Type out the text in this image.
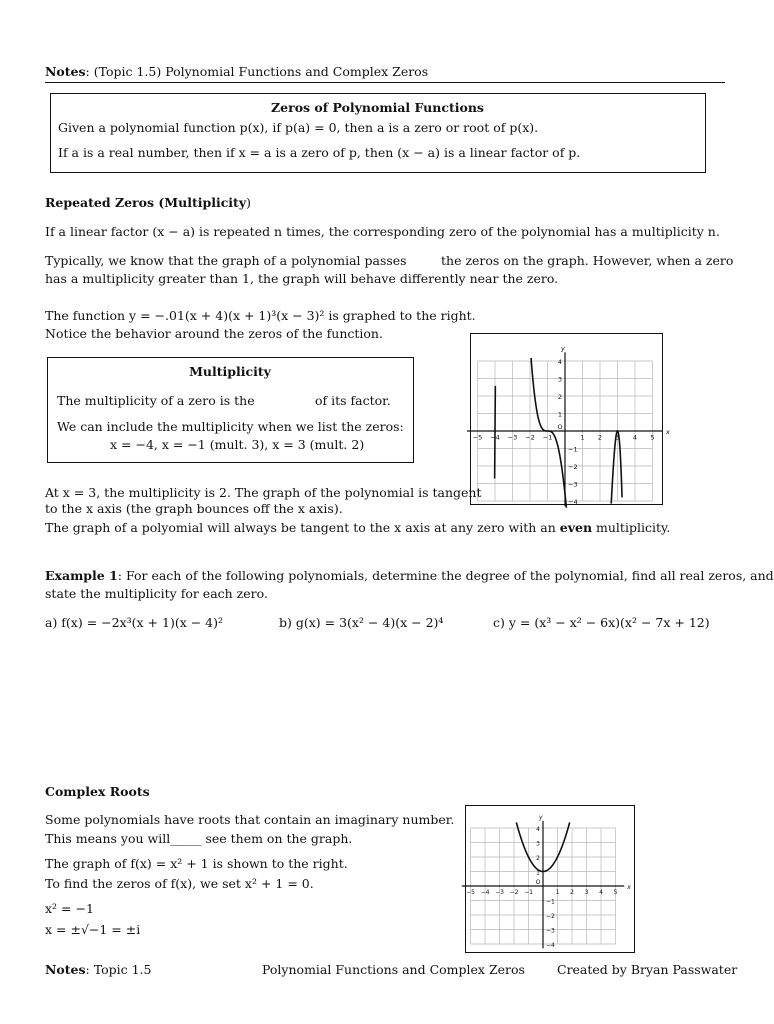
Notes: (Topic 1.5) Polynomial Functions and Complex Zeros
Zeros of Polynomial Functions
Given a polynomial function p(x), if p(a) = 0, then a is a zero or root of p(x).
If a is a real number, then if x = a is a zero of p, then (x − a) is a linear factor of p.
Repeated Zeros (Multiplicity)
If a linear factor (x − a) is repeated n times, the corresponding zero of the polynomial has a multiplicity n.
Typically, we know that the graph of a polynomial passes	the zeros on the graph. However, when a zero
has a multiplicity greater than 1, the graph will behave differently near the zero.
The function y = −.01(x + 4)(x + 1)³(x − 3)² is graphed to the right.
Notice the behavior around the zeros of the function.
Multiplicity
The multiplicity of a zero is the	of its factor.
We can include the multiplicity when we list the zeros:
x = −4, x = −1 (mult. 3), x = 3 (mult. 2)	−5 −4 −3 −2 −1
O
1 2 3 4 5
4
3
2
1
−1
−2
−3
−4
x
y
At x = 3, the multiplicity is 2. The graph of the polynomial is tangent
to the x axis (the graph bounces off the x axis).
The graph of a polyomial will always be tangent to the x axis at any zero with an even multiplicity.
Example 1: For each of the following polynomials, determine the degree of the polynomial, find all real zeros, and
state the multiplicity for each zero.
a) f(x) = −2x³(x + 1)(x − 4)²	b) g(x) = 3(x² − 4)(x − 2)⁴	c) y = (x³ − x² − 6x)(x² − 7x + 12)
Complex Roots
Some polynomials have roots that contain an imaginary number.
This means you will_____ see them on the graph.
The graph of f(x) = x² + 1 is shown to the right.
To find the zeros of f(x), we set x² + 1 = 0.
x² = −1
x = ±√−1 = ±i
−5 −4 −3 −2 −1
O
1 2 3 4 5
4
3
2
1
−1
−2
−3
−4
x
y
Notes: Topic 1.5	Polynomial Functions and Complex Zeros	Created by Bryan Passwater
